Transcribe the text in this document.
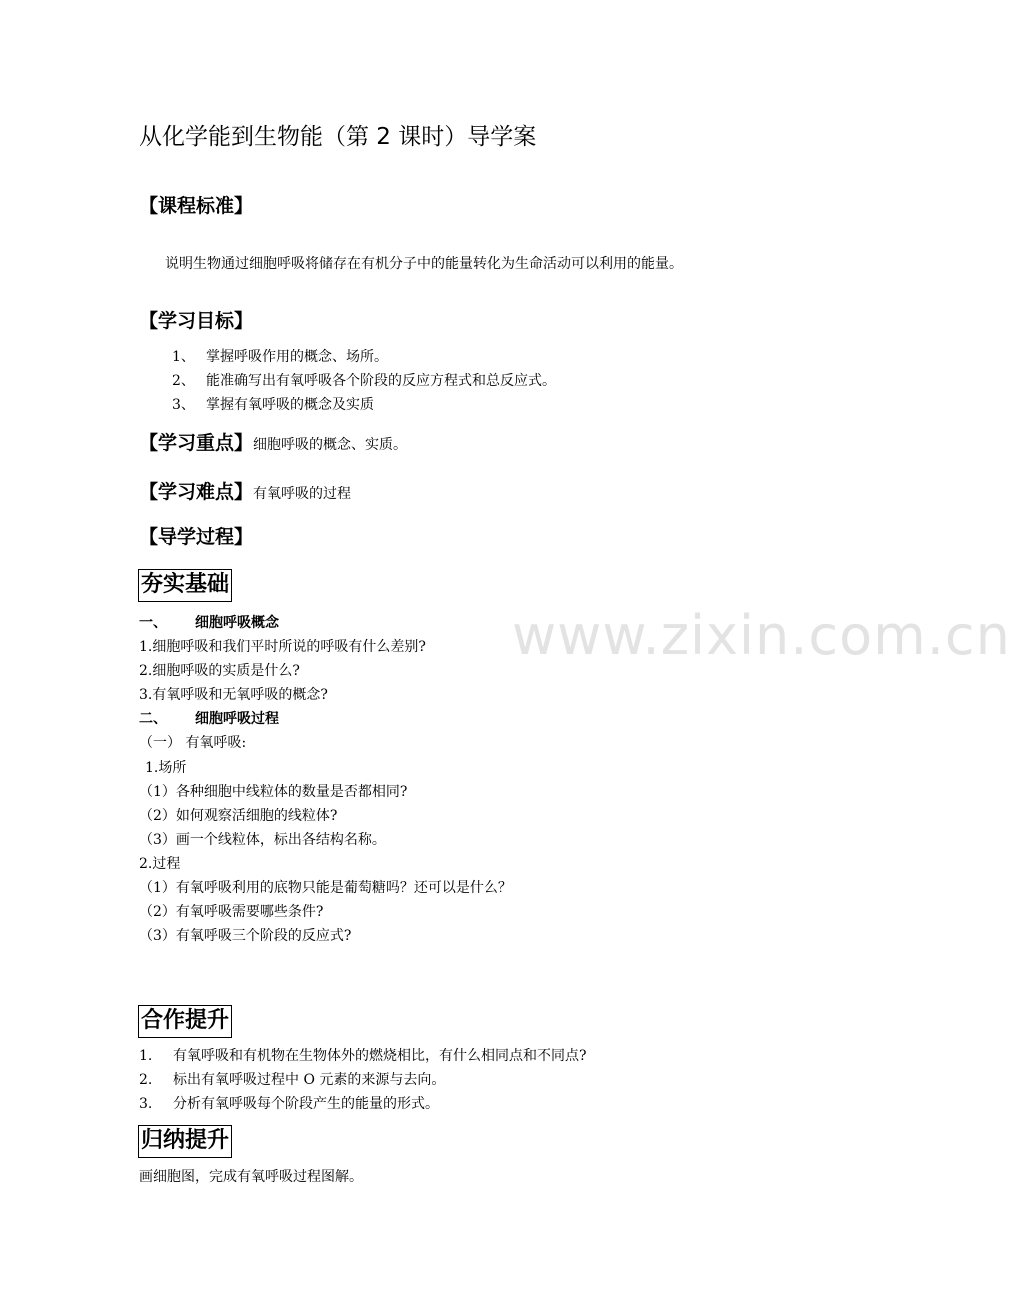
www.zixin.com.cn
从化学能到生物能（第 2 课时）导学案
【课程标准】
说明生物通过细胞呼吸将储存在有机分子中的能量转化为生命活动可以利用的能量。
【学习目标】
1、 掌握呼吸作用的概念、场所。
2、 能准确写出有氧呼吸各个阶段的反应方程式和总反应式。
3、 掌握有氧呼吸的概念及实质
【学习重点】细胞呼吸的概念、实质。
【学习难点】有氧呼吸的过程
【导学过程】
夯实基础
一、 细胞呼吸概念
1.细胞呼吸和我们平时所说的呼吸有什么差别?
2.细胞呼吸的实质是什么?
3.有氧呼吸和无氧呼吸的概念?
二、 细胞呼吸过程
（一） 有氧呼吸:
1.场所
（1）各种细胞中线粒体的数量是否都相同?
（2）如何观察活细胞的线粒体?
（3）画一个线粒体，标出各结构名称。
2.过程
（1）有氧呼吸利用的底物只能是葡萄糖吗？还可以是什么？
（2）有氧呼吸需要哪些条件?
（3）有氧呼吸三个阶段的反应式?
合作提升
1. 有氧呼吸和有机物在生物体外的燃烧相比，有什么相同点和不同点?
2. 标出有氧呼吸过程中 O 元素的来源与去向。
3. 分析有氧呼吸每个阶段产生的能量的形式。
归纳提升
画细胞图，完成有氧呼吸过程图解。
